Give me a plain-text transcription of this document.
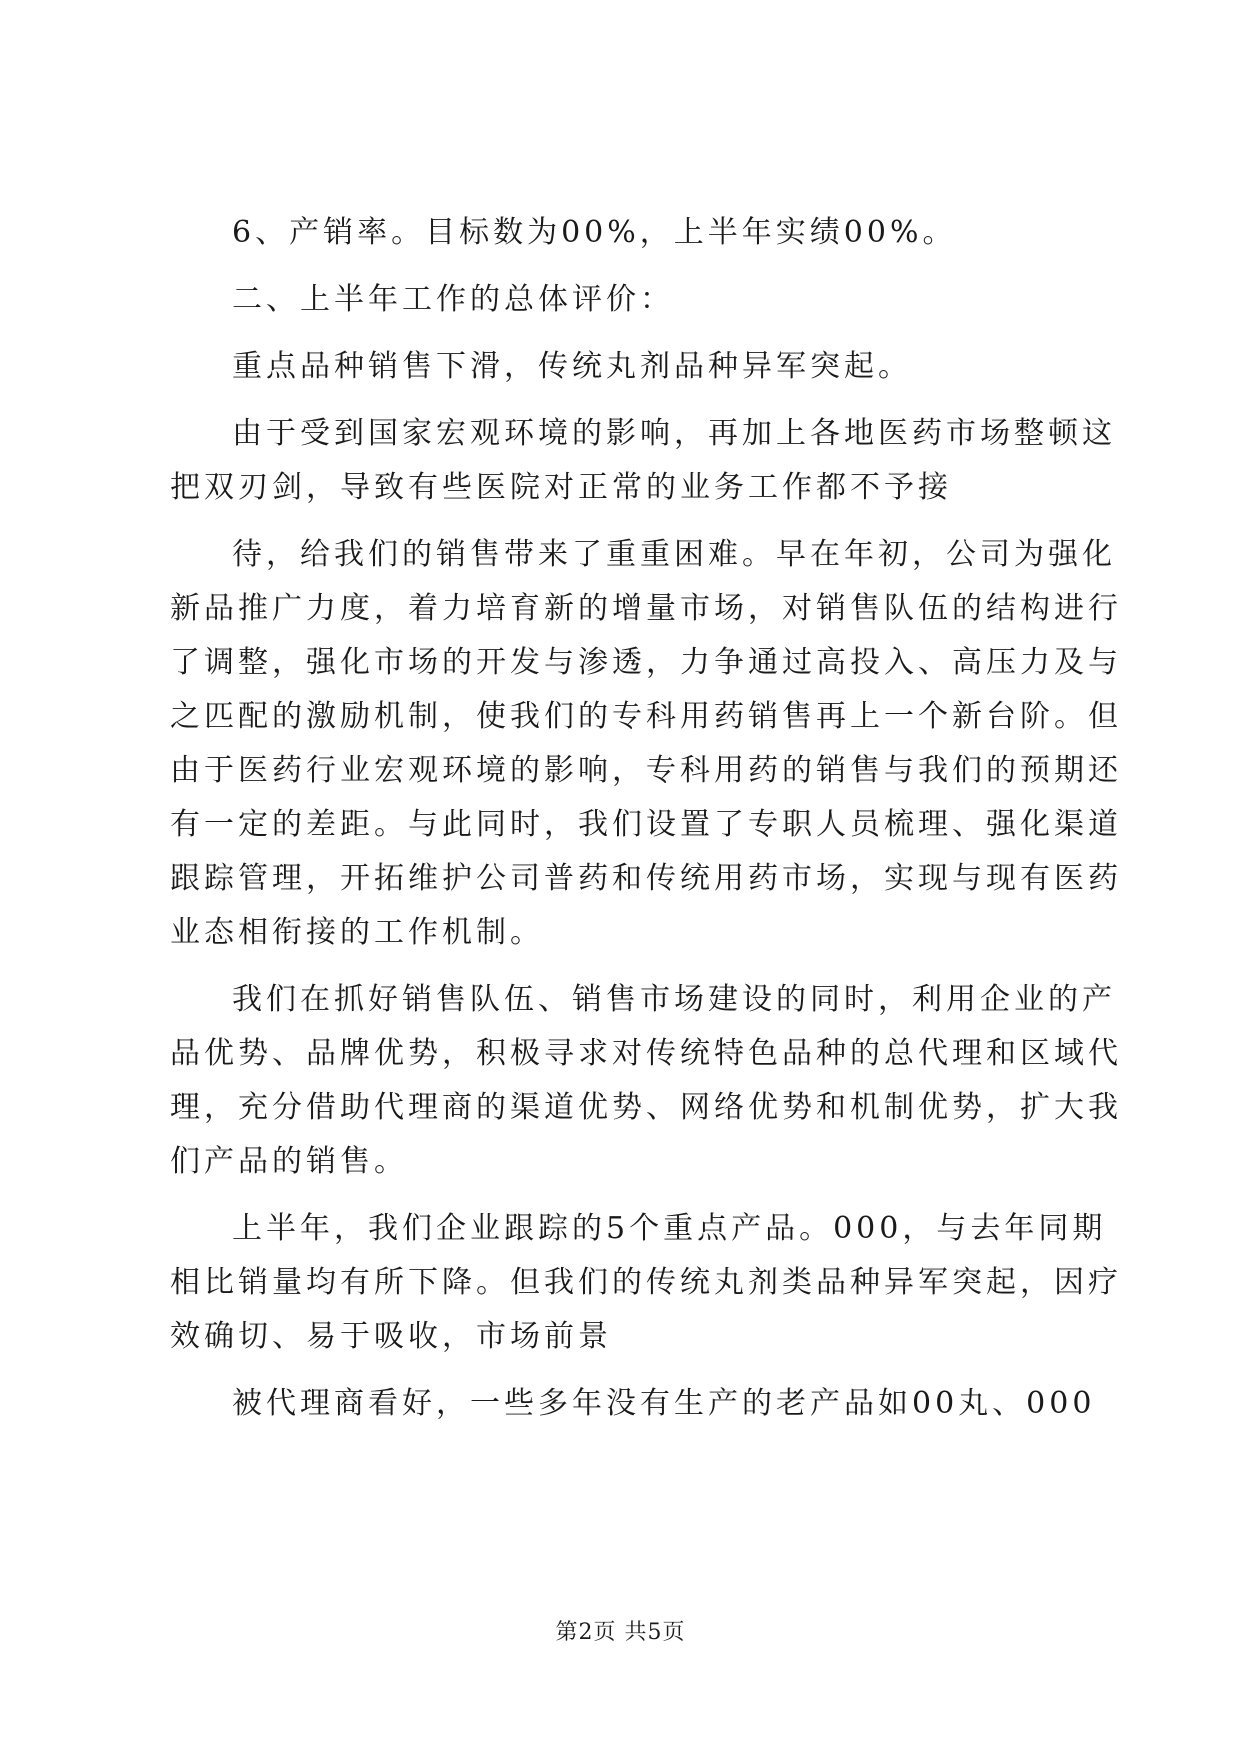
6、产销率。目标数为00%，上半年实绩00%。
二、上半年工作的总体评价：
重点品种销售下滑，传统丸剂品种异军突起。
由于受到国家宏观环境的影响，再加上各地医药市场整顿这
把双刃剑，导致有些医院对正常的业务工作都不予接
待，给我们的销售带来了重重困难。早在年初，公司为强化
新品推广力度，着力培育新的增量市场，对销售队伍的结构进行
了调整，强化市场的开发与渗透，力争通过高投入、高压力及与
之匹配的激励机制，使我们的专科用药销售再上一个新台阶。但
由于医药行业宏观环境的影响，专科用药的销售与我们的预期还
有一定的差距。与此同时，我们设置了专职人员梳理、强化渠道
跟踪管理，开拓维护公司普药和传统用药市场，实现与现有医药
业态相衔接的工作机制。
我们在抓好销售队伍、销售市场建设的同时，利用企业的产
品优势、品牌优势，积极寻求对传统特色品种的总代理和区域代
理，充分借助代理商的渠道优势、网络优势和机制优势，扩大我
们产品的销售。
上半年，我们企业跟踪的5个重点产品。000，与去年同期
相比销量均有所下降。但我们的传统丸剂类品种异军突起，因疗
效确切、易于吸收，市场前景
被代理商看好，一些多年没有生产的老产品如00丸、000
第2页 共5页
